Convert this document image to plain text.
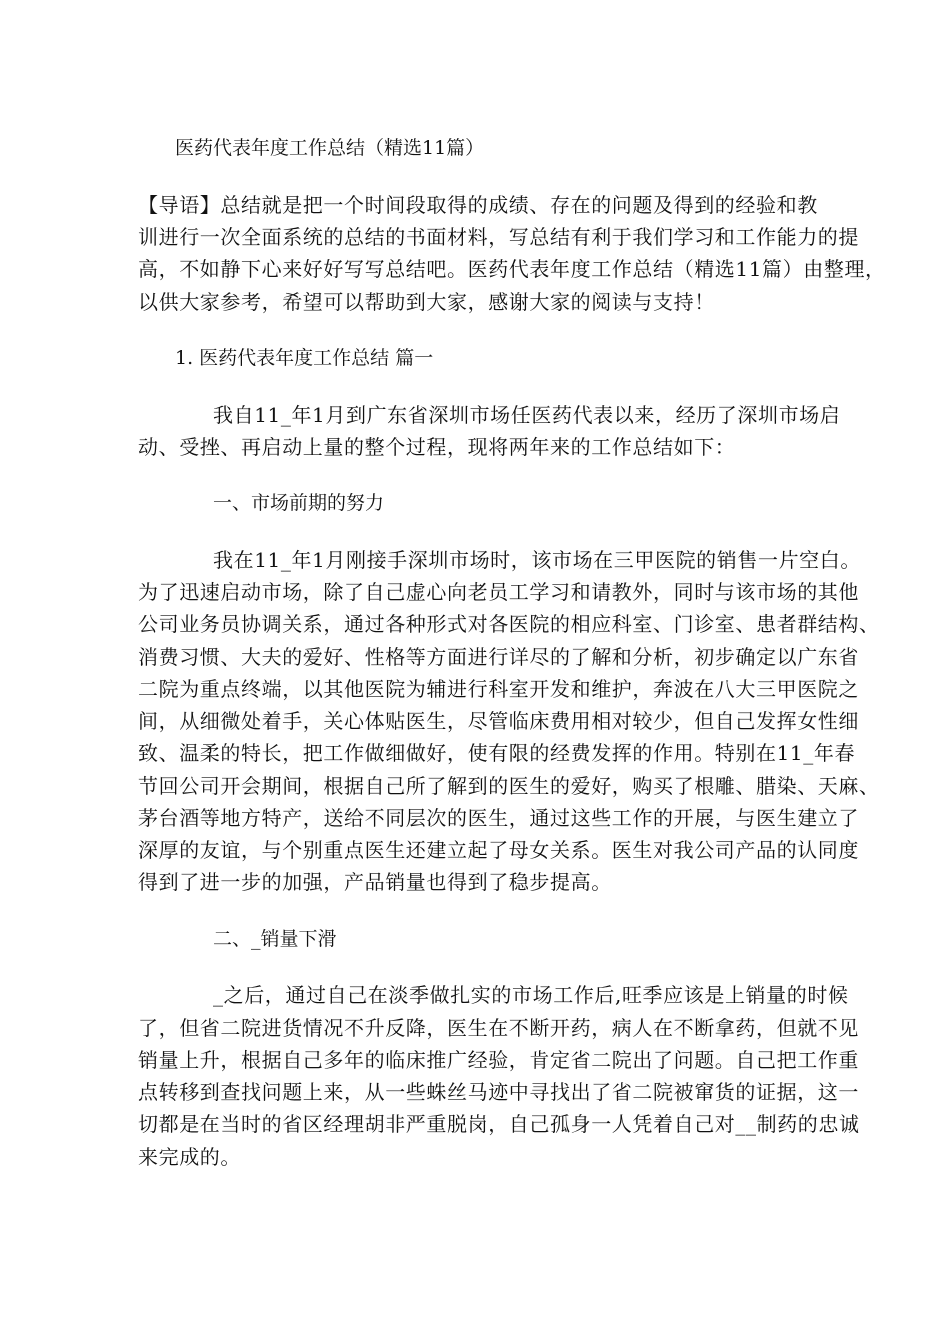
医药代表年度工作总结（精选11篇）
【导语】总结就是把一个时间段取得的成绩、存在的问题及得到的经验和教
训进行一次全面系统的总结的书面材料，写总结有利于我们学习和工作能力的提
高，不如静下心来好好写写总结吧。医药代表年度工作总结（精选11篇）由整理，
以供大家参考，希望可以帮助到大家，感谢大家的阅读与支持！
1. 医药代表年度工作总结 篇一
我自11_年1月到广东省深圳市场任医药代表以来，经历了深圳市场启
动、受挫、再启动上量的整个过程，现将两年来的工作总结如下：
一、市场前期的努力
我在11_年1月刚接手深圳市场时，该市场在三甲医院的销售一片空白。
为了迅速启动市场，除了自己虚心向老员工学习和请教外，同时与该市场的其他
公司业务员协调关系，通过各种形式对各医院的相应科室、门诊室、患者群结构、
消费习惯、大夫的爱好、性格等方面进行详尽的了解和分析，初步确定以广东省
二院为重点终端，以其他医院为辅进行科室开发和维护，奔波在八大三甲医院之
间，从细微处着手，关心体贴医生，尽管临床费用相对较少，但自己发挥女性细
致、温柔的特长，把工作做细做好，使有限的经费发挥的作用。特别在11_年春
节回公司开会期间，根据自己所了解到的医生的爱好，购买了根雕、腊染、天麻、
茅台酒等地方特产，送给不同层次的医生，通过这些工作的开展，与医生建立了
深厚的友谊，与个别重点医生还建立起了母女关系。医生对我公司产品的认同度
得到了进一步的加强，产品销量也得到了稳步提高。
二、_销量下滑
_之后，通过自己在淡季做扎实的市场工作后,旺季应该是上销量的时候
了，但省二院进货情况不升反降，医生在不断开药，病人在不断拿药，但就不见
销量上升，根据自己多年的临床推广经验，肯定省二院出了问题。自己把工作重
点转移到查找问题上来，从一些蛛丝马迹中寻找出了省二院被窜货的证据，这一
切都是在当时的省区经理胡非严重脱岗，自己孤身一人凭着自己对__制药的忠诚
来完成的。
